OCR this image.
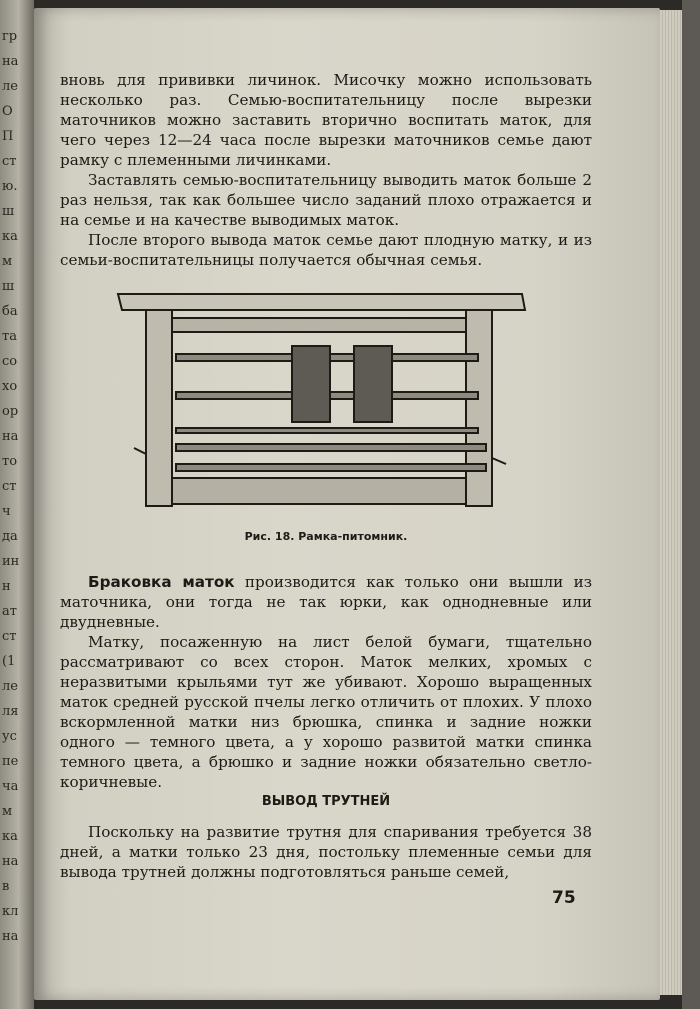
гр
на
ле
О
П
ст
ю.
ш
ка
м
ш
ба
та
со
хо
ор
на
то
ст
ч
да
ин
н
ат
ст
(1
ле
ля
ус
пе
ча
м
ка
на
в
кл
на

вновь для прививки личинок. Мисочку можно использовать несколько раз. Семью-воспитательницу после вырезки маточников можно заставить вторично воспитать маток, для чего через 12—24 часа после вырезки маточников семье дают рамку с племенными личинками.

Заставлять семью-воспитательницу выводить маток больше 2 раз нельзя, так как большее число заданий плохо отражается и на семье и на качестве выводимых маток.

После второго вывода маток семье дают плодную матку, и из семьи-воспитательницы получается обычная семья.

Рис. 18. Рамка-питомник.

Браковка маток производится как только они вышли из маточника, они тогда не так юрки, как однодневные или двудневные.

Матку, посаженную на лист белой бумаги, тщательно рассматривают со всех сторон. Маток мелких, хромых с неразвитыми крыльями тут же убивают. Хорошо выращенных маток средней русской пчелы легко отличить от плохих. У плохо вскормленной матки низ брюшка, спинка и задние ножки одного — темного цвета, а у хорошо развитой матки спинка темного цвета, а брюшко и задние ножки обязательно светло-коричневые.

ВЫВОД ТРУТНЕЙ

Поскольку на развитие трутня для спаривания требуется 38 дней, а матки только 23 дня, постольку племенные семьи для вывода трутней должны подготовляться раньше семей,

75
